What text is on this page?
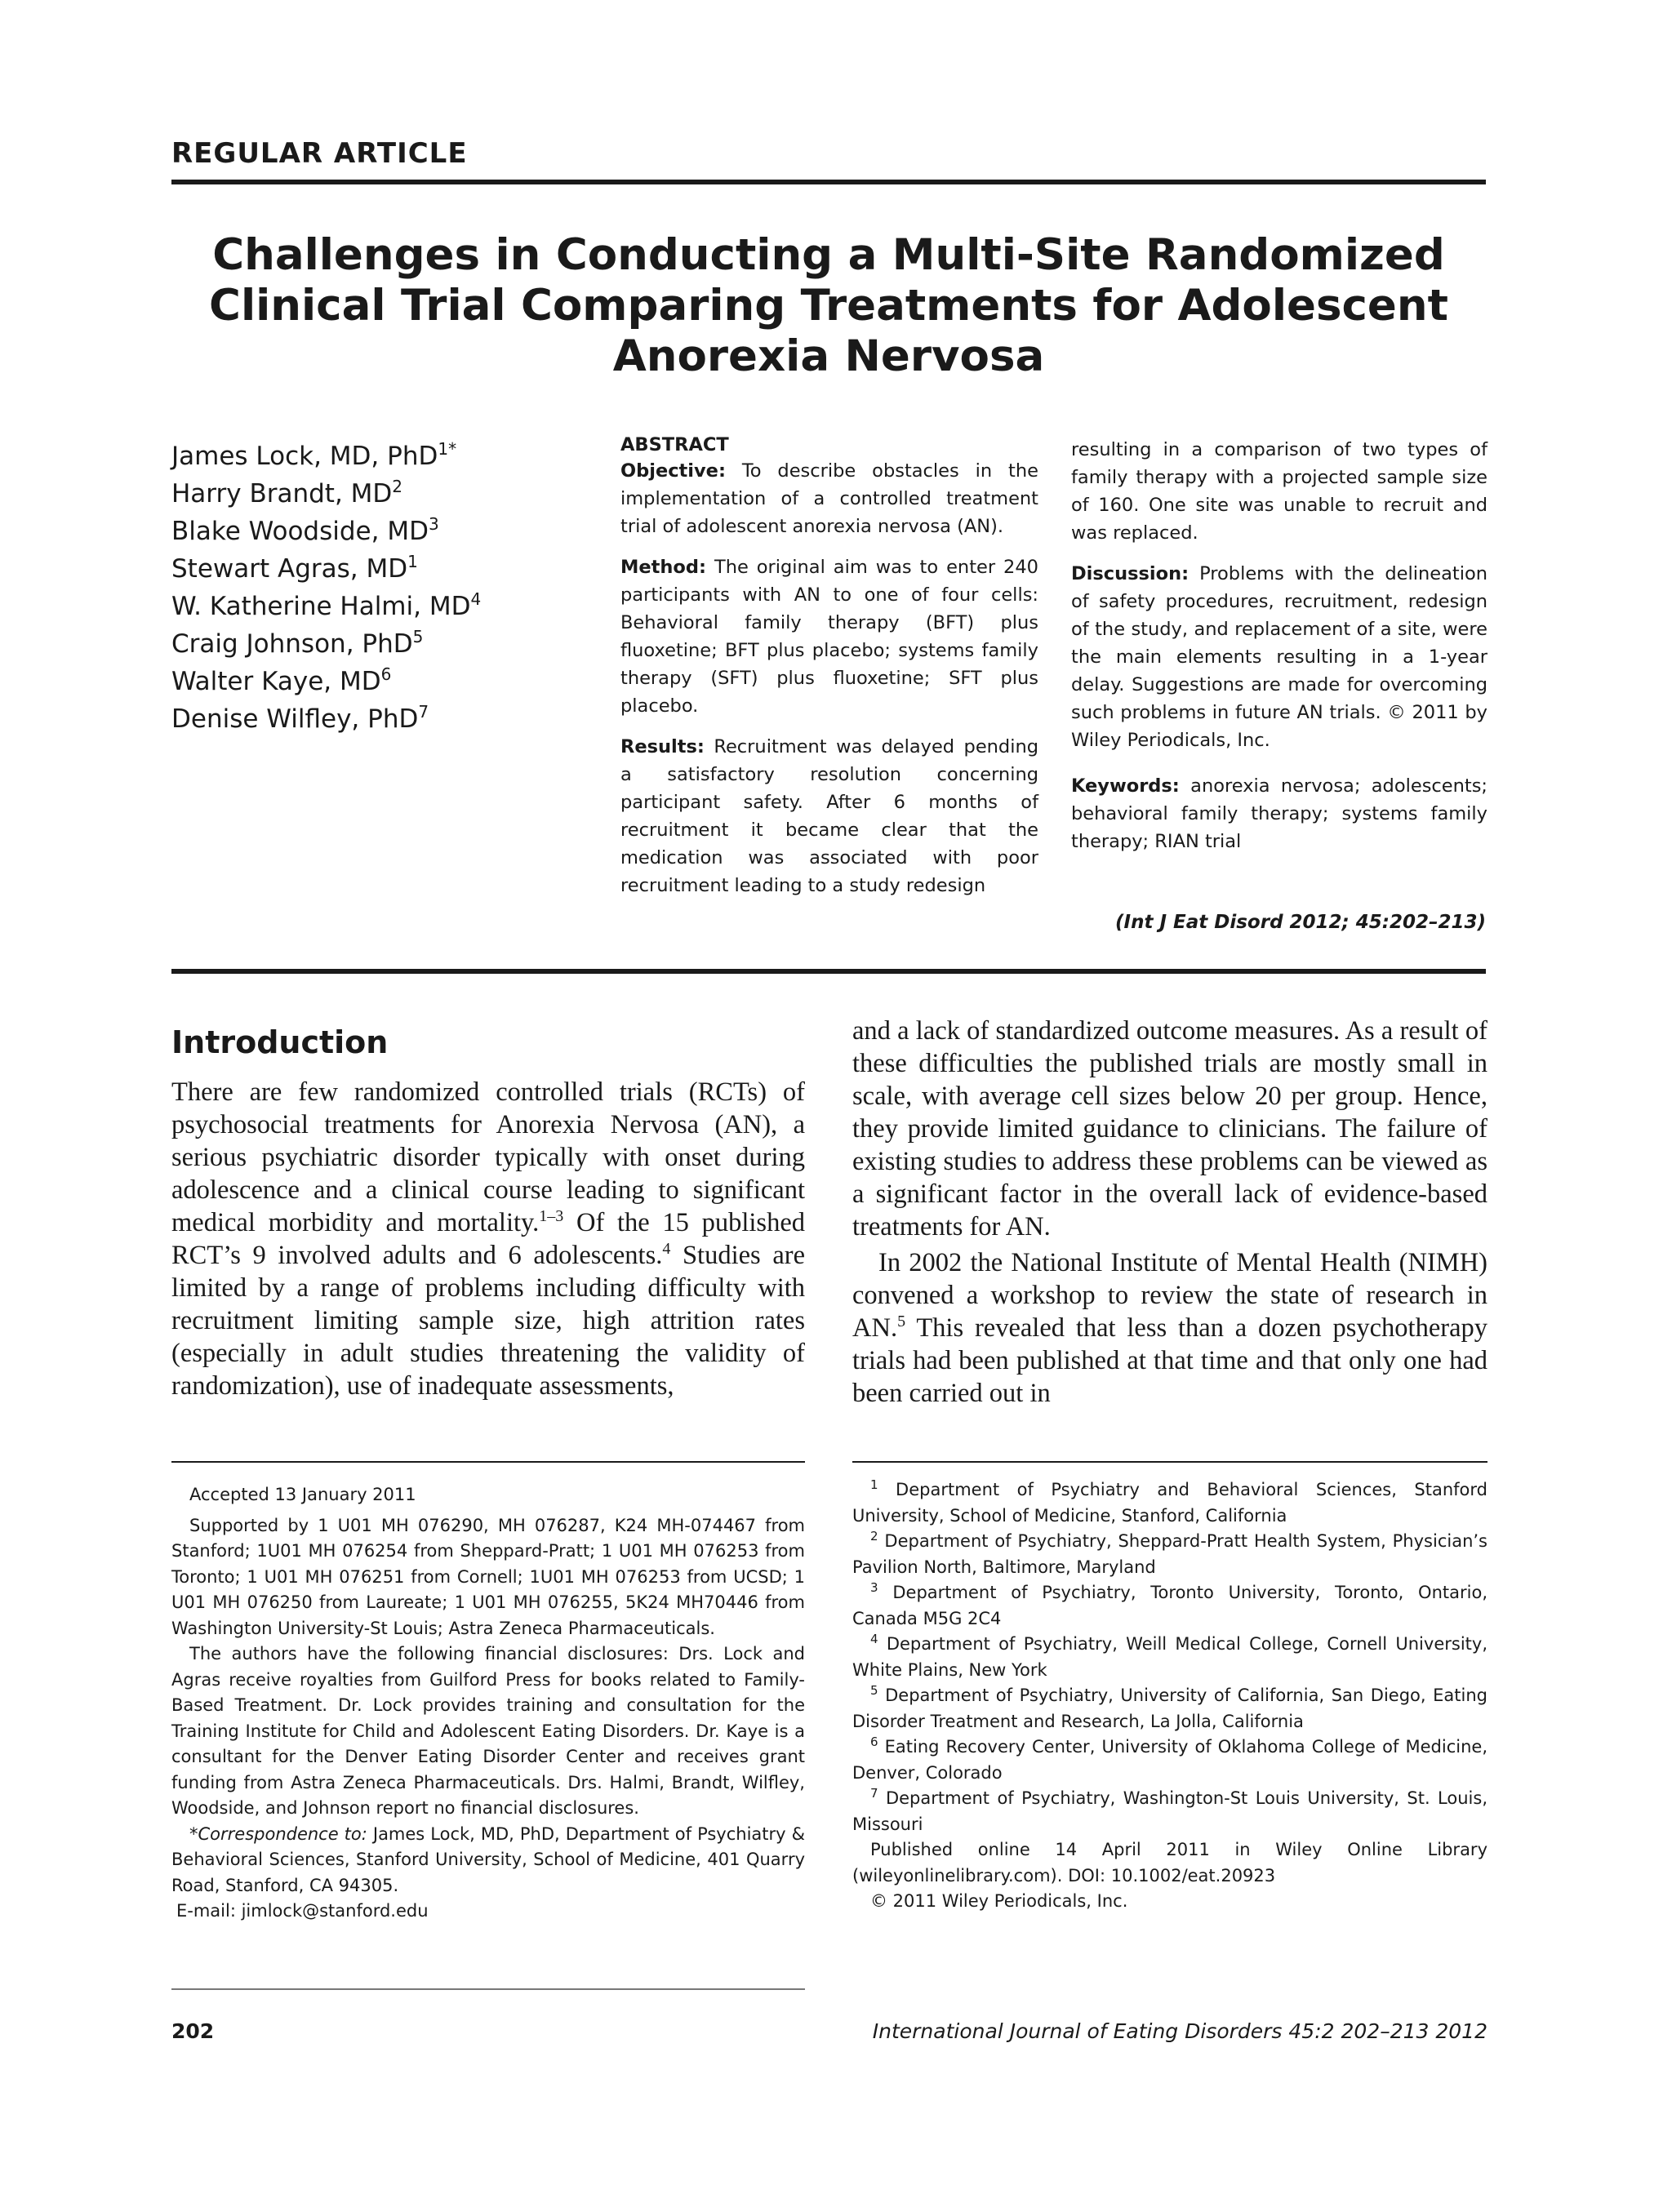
REGULAR ARTICLE
Challenges in Conducting a Multi-Site Randomized
Clinical Trial Comparing Treatments for Adolescent
Anorexia Nervosa
James Lock, MD, PhD$^{1*}$
Harry Brandt, $MD^2$
Blake Woodside, $MD^3$
Stewart Agras, $MD^1$
W. Katherine Halmi, $MD^4$
Craig Johnson, PhD$^5$
Walter Kaye, $MD^6$
Denise Wilfley, PhD$^7$
ABSTRACT

Objective: To describe obstacles in the implementation of a controlled treatment trial of adolescent anorexia nervosa (AN).

Method: The original aim was to enter 240 participants with AN to one of four cells: Behavioral family therapy (BFT) plus fluoxetine; BFT plus placebo; systems family therapy (SFT) plus fluoxetine; SFT plus placebo.

Results: Recruitment was delayed pending a satisfactory resolution concerning participant safety. After 6 months of recruitment it became clear that the medication was associated with poor recruitment leading to a study redesign

resulting in a comparison of two types of family therapy with a projected sample size of 160. One site was unable to recruit and was replaced.

Discussion: Problems with the delineation of safety procedures, recruitment, redesign of the study, and replacement of a site, were the main elements resulting in a 1-year delay. Suggestions are made for overcoming such problems in future AN trials. © 2011 by Wiley Periodicals, Inc.

Keywords: anorexia nervosa; adolescents; behavioral family therapy; systems family therapy; RIAN trial

(Int J Eat Disord 2012; 45:202–213)
Introduction

There are few randomized controlled trials (RCTs) of psychosocial treatments for Anorexia Nervosa (AN), a serious psychiatric disorder typically with onset during adolescence and a clinical course leading to significant medical morbidity and mortality.$^{1-3}$ Of the 15 published RCT’s 9 involved adults and 6 adolescents.$^4$ Studies are limited by a range of problems including difficulty with recruitment limiting sample size, high attrition rates (especially in adult studies threatening the validity of randomization), use of inadequate assessments,

and a lack of standardized outcome measures. As a result of these difficulties the published trials are mostly small in scale, with average cell sizes below 20 per group. Hence, they provide limited guidance to clinicians. The failure of existing studies to address these problems can be viewed as a significant factor in the overall lack of evidence-based treatments for AN.

In 2002 the National Institute of Mental Health (NIMH) convened a workshop to review the state of research in AN.$^5$ This revealed that less than a dozen psychotherapy trials had been published at that time and that only one had been carried out in

Accepted 13 January 2011

Supported by 1 U01 MH 076290, MH 076287, K24 MH-074467 from Stanford; 1U01 MH 076254 from Sheppard-Pratt; 1 U01 MH 076253 from Toronto; 1 U01 MH 076251 from Cornell; 1U01 MH 076253 from UCSD; 1 U01 MH 076250 from Laureate; 1 U01 MH 076255, 5K24 MH70446 from Washington University-St Louis; Astra Zeneca Pharmaceuticals.

The authors have the following financial disclosures: Drs. Lock and Agras receive royalties from Guilford Press for books related to Family-Based Treatment. Dr. Lock provides training and consultation for the Training Institute for Child and Adolescent Eating Disorders. Dr. Kaye is a consultant for the Denver Eating Disorder Center and receives grant funding from Astra Zeneca Pharmaceuticals. Drs. Halmi, Brandt, Wilfley, Woodside, and Johnson report no financial disclosures.

*Correspondence to: James Lock, MD, PhD, Department of Psychiatry & Behavioral Sciences, Stanford University, School of Medicine, 401 Quarry Road, Stanford, CA 94305.

E-mail: jimlock@stanford.edu

$^1$ Department of Psychiatry and Behavioral Sciences, Stanford University, School of Medicine, Stanford, California

$^2$ Department of Psychiatry, Sheppard-Pratt Health System, Physician’s Pavilion North, Baltimore, Maryland

$^3$ Department of Psychiatry, Toronto University, Toronto, Ontario, Canada M5G 2C4

$^4$ Department of Psychiatry, Weill Medical College, Cornell University, White Plains, New York

$^5$ Department of Psychiatry, University of California, San Diego, Eating Disorder Treatment and Research, La Jolla, California

$^6$ Eating Recovery Center, University of Oklahoma College of Medicine, Denver, Colorado

$^7$ Department of Psychiatry, Washington-St Louis University, St. Louis, Missouri

Published online 14 April 2011 in Wiley Online Library (wileyonlinelibrary.com). DOI: 10.1002/eat.20923

© 2011 Wiley Periodicals, Inc.

202	International Journal of Eating Disorders 45:2 202–213 2012
